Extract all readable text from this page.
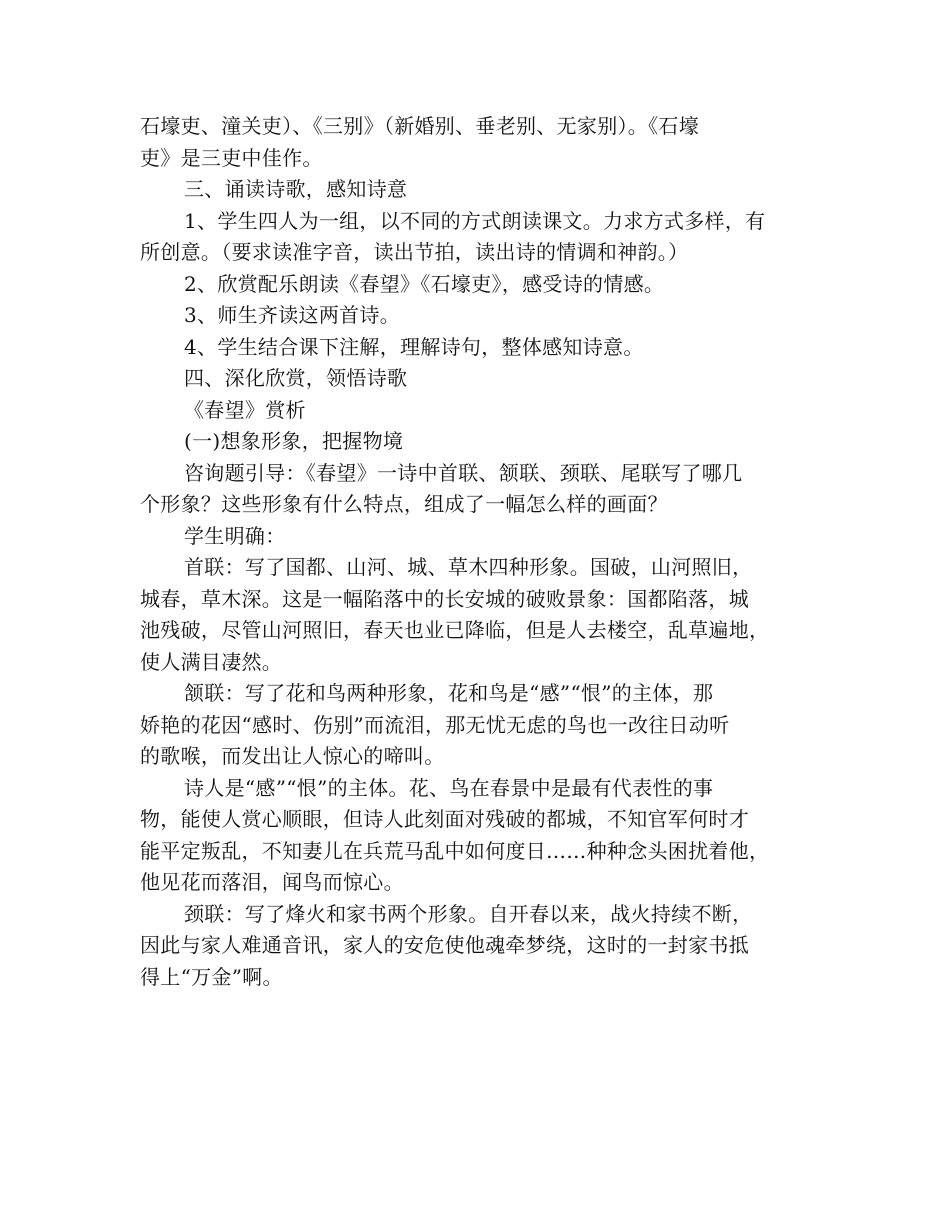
石壕吏、潼关吏）、《三别》（新婚别、垂老别、无家别）。《石壕
吏》是三吏中佳作。
三、诵读诗歌，感知诗意
1、学生四人为一组，以不同的方式朗读课文。力求方式多样，有
所创意。（要求读准字音，读出节拍，读出诗的情调和神韵。）
2、欣赏配乐朗读《春望》《石壕吏》，感受诗的情感。
3、师生齐读这两首诗。
4、学生结合课下注解，理解诗句，整体感知诗意。
四、深化欣赏，领悟诗歌
《春望》赏析
(一)想象形象，把握物境
咨询题引导：《春望》一诗中首联、颔联、颈联、尾联写了哪几
个形象？这些形象有什么特点，组成了一幅怎么样的画面？
学生明确：
首联：写了国都、山河、城、草木四种形象。国破，山河照旧，
城春，草木深。这是一幅陷落中的长安城的破败景象：国都陷落，城
池残破，尽管山河照旧，春天也业已降临，但是人去楼空，乱草遍地，
使人满目凄然。
颔联：写了花和鸟两种形象，花和鸟是“感”“恨”的主体，那
娇艳的花因“感时、伤别”而流泪，那无忧无虑的鸟也一改往日动听
的歌喉，而发出让人惊心的啼叫。
诗人是“感”“恨”的主体。花、鸟在春景中是最有代表性的事
物，能使人赏心顺眼，但诗人此刻面对残破的都城，不知官军何时才
能平定叛乱，不知妻儿在兵荒马乱中如何度日……种种念头困扰着他，
他见花而落泪，闻鸟而惊心。
颈联：写了烽火和家书两个形象。自开春以来，战火持续不断，
因此与家人难通音讯，家人的安危使他魂牵梦绕，这时的一封家书抵
得上“万金”啊。
